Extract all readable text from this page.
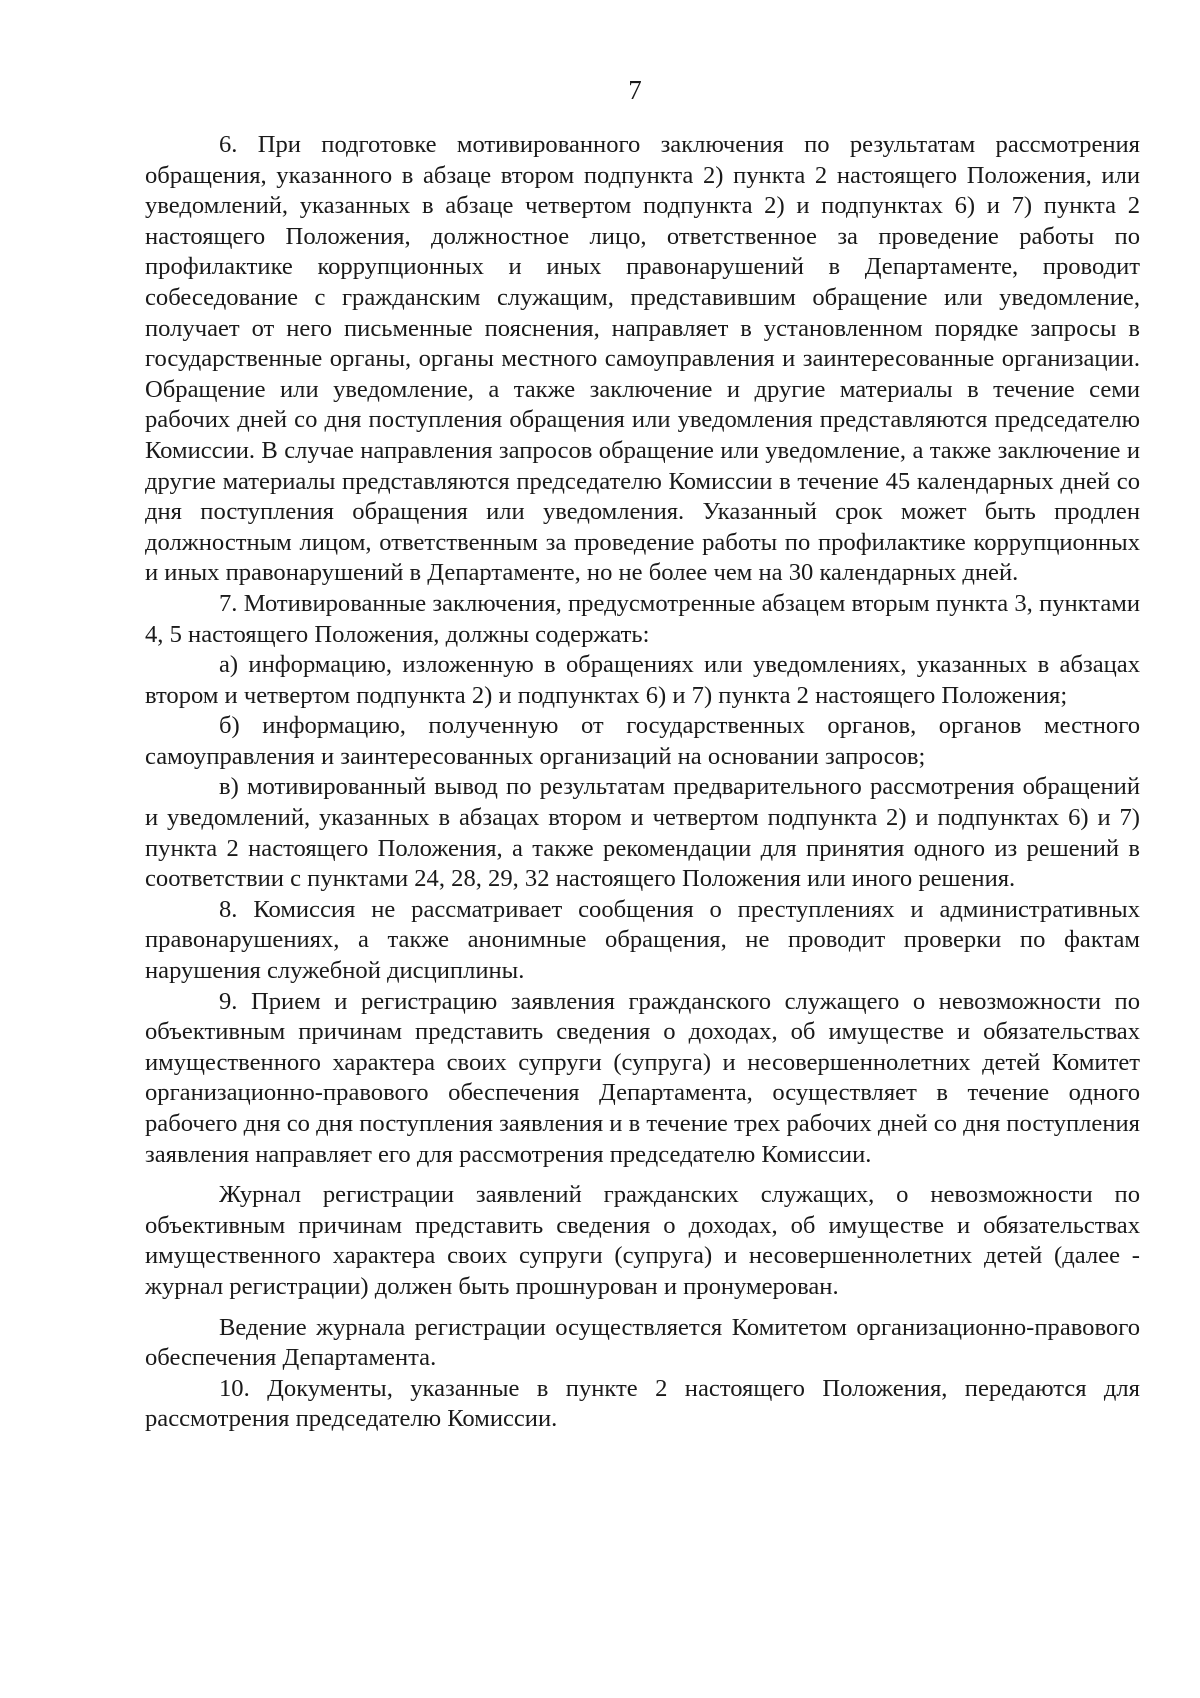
7

6. При подготовке мотивированного заключения по результатам рассмотрения обращения, указанного в абзаце втором подпункта 2) пункта 2 настоящего Положения, или уведомлений, указанных в абзаце четвертом подпункта 2) и подпунктах 6) и 7) пункта 2 настоящего Положения, должностное лицо, ответственное за проведение работы по профилактике коррупционных и иных правонарушений в Департаменте, проводит собеседование с гражданским служащим, представившим обращение или уведомление, получает от него письменные пояснения, направляет в установленном порядке запросы в государственные органы, органы местного самоуправления и заинтересованные организации. Обращение или уведомление, а также заключение и другие материалы в течение семи рабочих дней со дня поступления обращения или уведомления представляются председателю Комиссии. В случае направления запросов обращение или уведомление, а также заключение и другие материалы представляются председателю Комиссии в течение 45 календарных дней со дня поступления обращения или уведомления. Указанный срок может быть продлен должностным лицом, ответственным за проведение работы по профилактике коррупционных и иных правонарушений в Департаменте, но не более чем на 30 календарных дней.

7. Мотивированные заключения, предусмотренные абзацем вторым пункта 3, пунктами 4, 5 настоящего Положения, должны содержать:

а) информацию, изложенную в обращениях или уведомлениях, указанных в абзацах втором и четвертом подпункта 2) и подпунктах 6) и 7) пункта 2 настоящего Положения;

б) информацию, полученную от государственных органов, органов местного самоуправления и заинтересованных организаций на основании запросов;

в) мотивированный вывод по результатам предварительного рассмотрения обращений и уведомлений, указанных в абзацах втором и четвертом подпункта 2) и подпунктах 6) и 7) пункта 2 настоящего Положения, а также рекомендации для принятия одного из решений в соответствии с пунктами 24, 28, 29, 32 настоящего Положения или иного решения.

8. Комиссия не рассматривает сообщения о преступлениях и административных правонарушениях, а также анонимные обращения, не проводит проверки по фактам нарушения служебной дисциплины.

9. Прием и регистрацию заявления гражданского служащего о невозможности по объективным причинам представить сведения о доходах, об имуществе и обязательствах имущественного характера своих супруги (супруга) и несовершеннолетних детей Комитет организационно-правового обеспечения Департамента, осуществляет в течение одного рабочего дня со дня поступления заявления и в течение трех рабочих дней со дня поступления заявления направляет его для рассмотрения председателю Комиссии.

Журнал регистрации заявлений гражданских служащих, о невозможности по объективным причинам представить сведения о доходах, об имуществе и обязательствах имущественного характера своих супруги (супруга) и несовершеннолетних детей (далее - журнал регистрации) должен быть прошнурован и пронумерован.

Ведение журнала регистрации осуществляется Комитетом организационно-правового обеспечения Департамента.

10. Документы, указанные в пункте 2 настоящего Положения, передаются для рассмотрения председателю Комиссии.
